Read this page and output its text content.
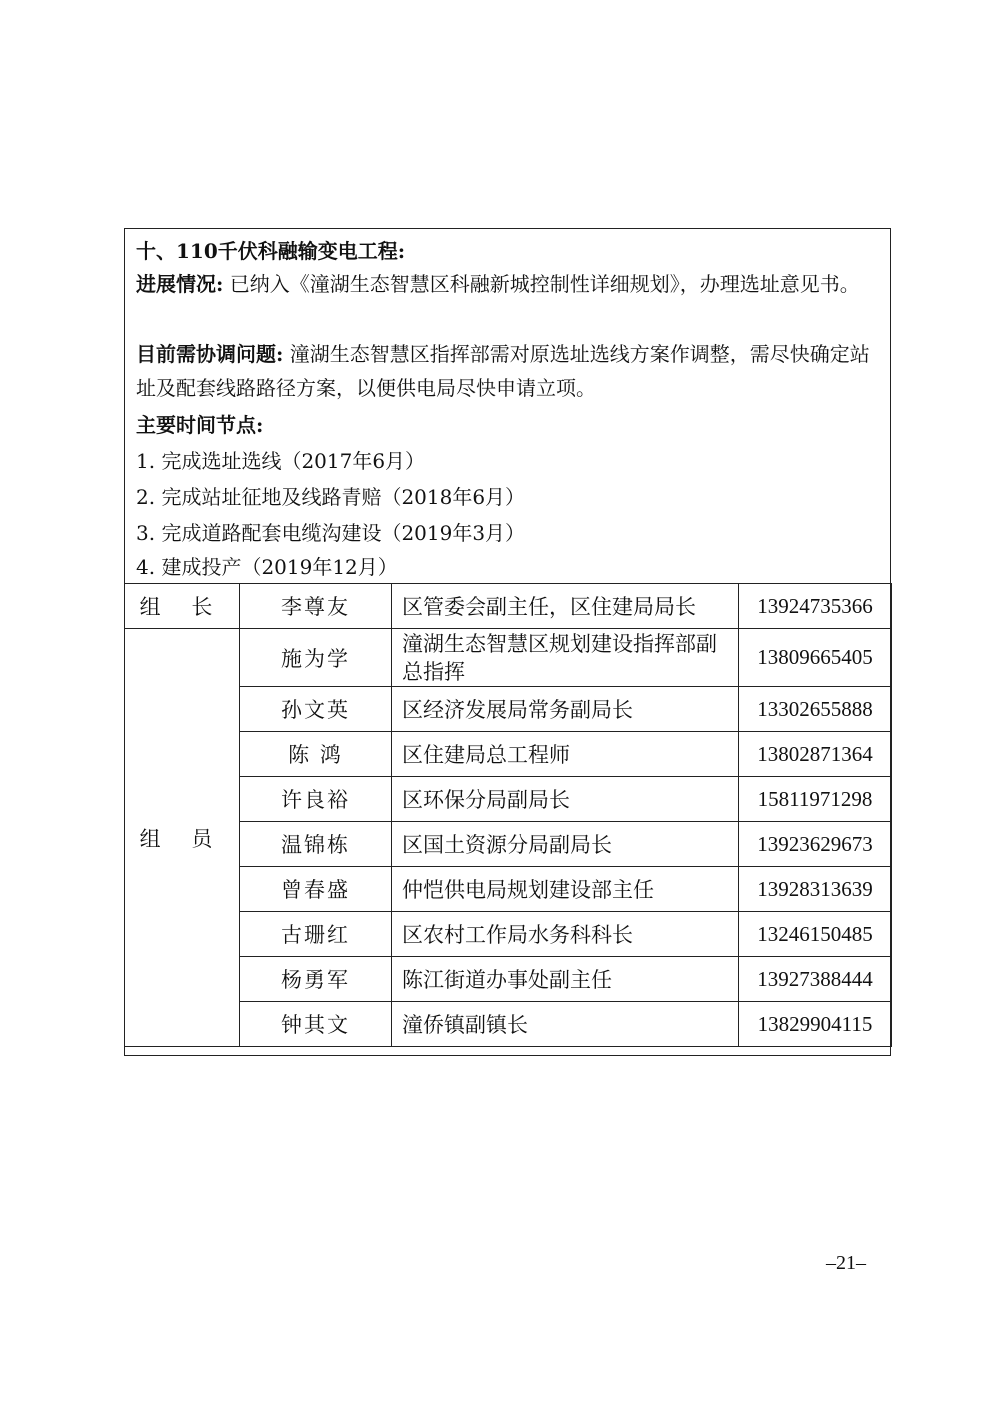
十、110千伏科融输变电工程:
进展情况: 已纳入《潼湖生态智慧区科融新城控制性详细规划》，办理选址意见书。
目前需协调问题: 潼湖生态智慧区指挥部需对原选址选线方案作调整，需尽快确定站址及配套线路路径方案，以便供电局尽快申请立项。
主要时间节点:
1. 完成选址选线（2017年6月）
2. 完成站址征地及线路青赔（2018年6月）
3. 完成道路配套电缆沟建设（2019年3月）
4. 建成投产（2019年12月）
组 长	李尊友	区管委会副主任，区住建局局长	13924735366
组 员	施为学	潼湖生态智慧区规划建设指挥部副总指挥	13809665405
	孙文英	区经济发展局常务副局长	13302655888
	陈 鸿	区住建局总工程师	13802871364
	许良裕	区环保分局副局长	15811971298
	温锦栋	区国土资源分局副局长	13923629673
	曾春盛	仲恺供电局规划建设部主任	13928313639
	古珊红	区农村工作局水务科科长	13246150485
	杨勇军	陈江街道办事处副主任	13927388444
	钟其文	潼侨镇副镇长	13829904115
–21–
